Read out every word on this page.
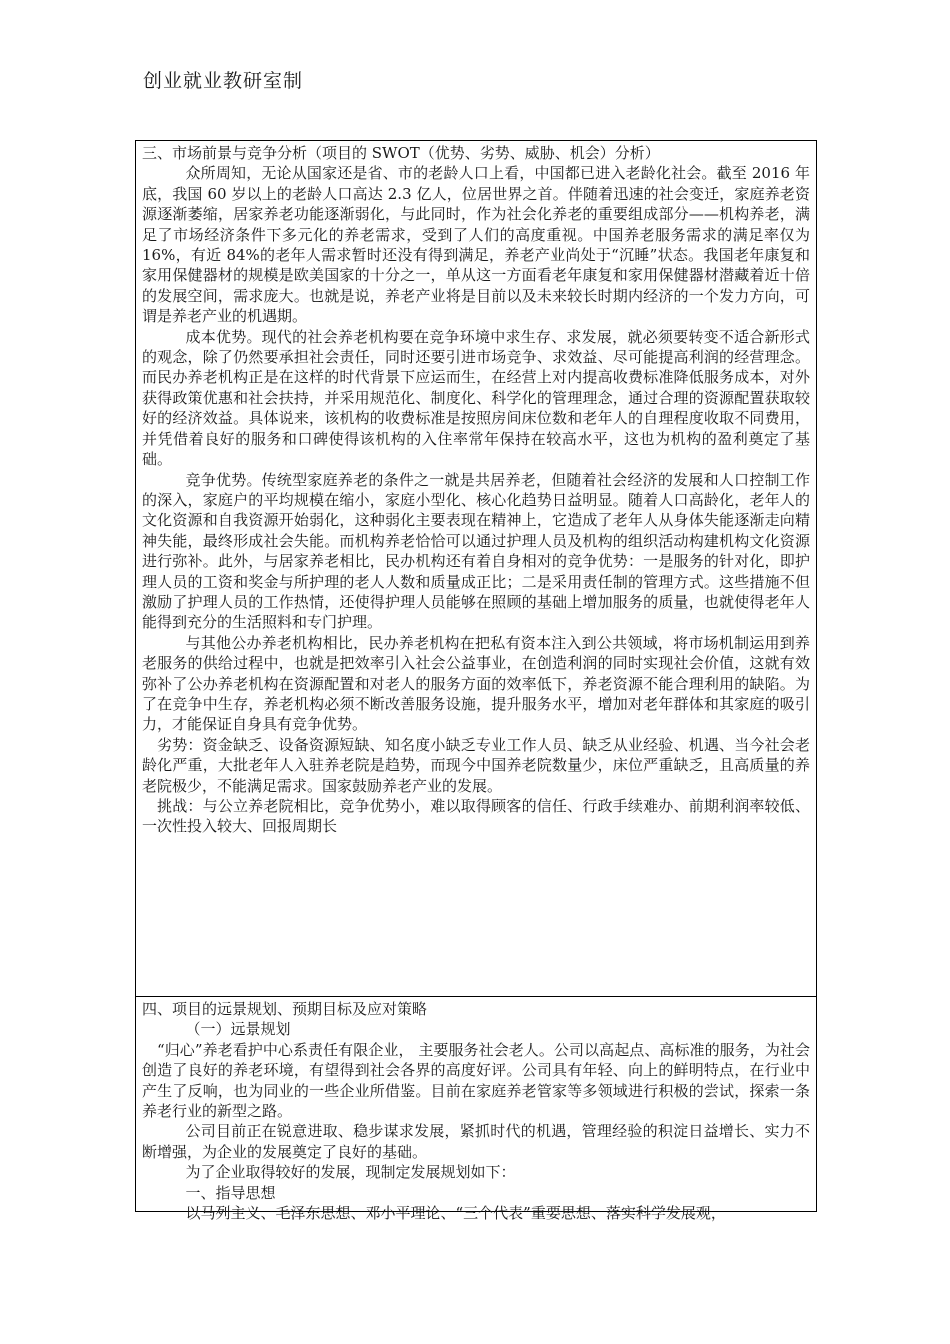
创业就业教研室制

三、市场前景与竞争分析（项目的 SWOT（优势、劣势、威胁、机会）分析）

众所周知，无论从国家还是省、市的老龄人口上看，中国都已进入老龄化社会。截至 2016 年底，我国 60 岁以上的老龄人口高达 2.3 亿人，位居世界之首。伴随着迅速的社会变迁，家庭养老资源逐渐萎缩，居家养老功能逐渐弱化，与此同时，作为社会化养老的重要组成部分——机构养老，满足了市场经济条件下多元化的养老需求，受到了人们的高度重视。中国养老服务需求的满足率仅为 16%，有近 84%的老年人需求暂时还没有得到满足，养老产业尚处于“沉睡”状态。我国老年康复和家用保健器材的规模是欧美国家的十分之一，单从这一方面看老年康复和家用保健器材潜藏着近十倍的发展空间，需求庞大。也就是说，养老产业将是目前以及未来较长时期内经济的一个发力方向，可谓是养老产业的机遇期。

成本优势。现代的社会养老机构要在竞争环境中求生存、求发展，就必须要转变不适合新形式的观念，除了仍然要承担社会责任，同时还要引进市场竞争、求效益、尽可能提高利润的经营理念。而民办养老机构正是在这样的时代背景下应运而生，在经营上对内提高收费标准降低服务成本，对外获得政策优惠和社会扶持，并采用规范化、制度化、科学化的管理理念，通过合理的资源配置获取较好的经济效益。具体说来，该机构的收费标准是按照房间床位数和老年人的自理程度收取不同费用，并凭借着良好的服务和口碑使得该机构的入住率常年保持在较高水平，这也为机构的盈利奠定了基础。

竞争优势。传统型家庭养老的条件之一就是共居养老，但随着社会经济的发展和人口控制工作的深入，家庭户的平均规模在缩小，家庭小型化、核心化趋势日益明显。随着人口高龄化，老年人的文化资源和自我资源开始弱化，这种弱化主要表现在精神上，它造成了老年人从身体失能逐渐走向精神失能，最终形成社会失能。而机构养老恰恰可以通过护理人员及机构的组织活动构建机构文化资源进行弥补。此外，与居家养老相比，民办机构还有着自身相对的竞争优势：一是服务的针对化，即护理人员的工资和奖金与所护理的老人人数和质量成正比；二是采用责任制的管理方式。这些措施不但激励了护理人员的工作热情，还使得护理人员能够在照顾的基础上增加服务的质量，也就使得老年人能得到充分的生活照料和专门护理。

与其他公办养老机构相比，民办养老机构在把私有资本注入到公共领域，将市场机制运用到养老服务的供给过程中，也就是把效率引入社会公益事业，在创造利润的同时实现社会价值，这就有效弥补了公办养老机构在资源配置和对老人的服务方面的效率低下，养老资源不能合理利用的缺陷。为了在竞争中生存，养老机构必须不断改善服务设施，提升服务水平，增加对老年群体和其家庭的吸引力，才能保证自身具有竞争优势。

劣势：资金缺乏、设备资源短缺、知名度小缺乏专业工作人员、缺乏从业经验、机遇、当今社会老龄化严重，大批老年人入驻养老院是趋势，而现今中国养老院数量少，床位严重缺乏，且高质量的养老院极少，不能满足需求。国家鼓励养老产业的发展。

挑战：与公立养老院相比，竞争优势小，难以取得顾客的信任、行政手续难办、前期利润率较低、一次性投入较大、回报周期长

四、项目的远景规划、预期目标及应对策略

（一）远景规划

“归心”养老看护中心系责任有限企业， 主要服务社会老人。公司以高起点、高标准的服务，为社会创造了良好的养老环境，有望得到社会各界的高度好评。公司具有年轻、向上的鲜明特点，在行业中产生了反响，也为同业的一些企业所借鉴。目前在家庭养老管家等多领域进行积极的尝试，探索一条养老行业的新型之路。

公司目前正在锐意进取、稳步谋求发展，紧抓时代的机遇，管理经验的积淀日益增长、实力不断增强，为企业的发展奠定了良好的基础。

为了企业取得较好的发展，现制定发展规划如下：

一、指导思想

以马列主义、毛泽东思想、邓小平理论、“三个代表”重要思想、落实科学发展观，
